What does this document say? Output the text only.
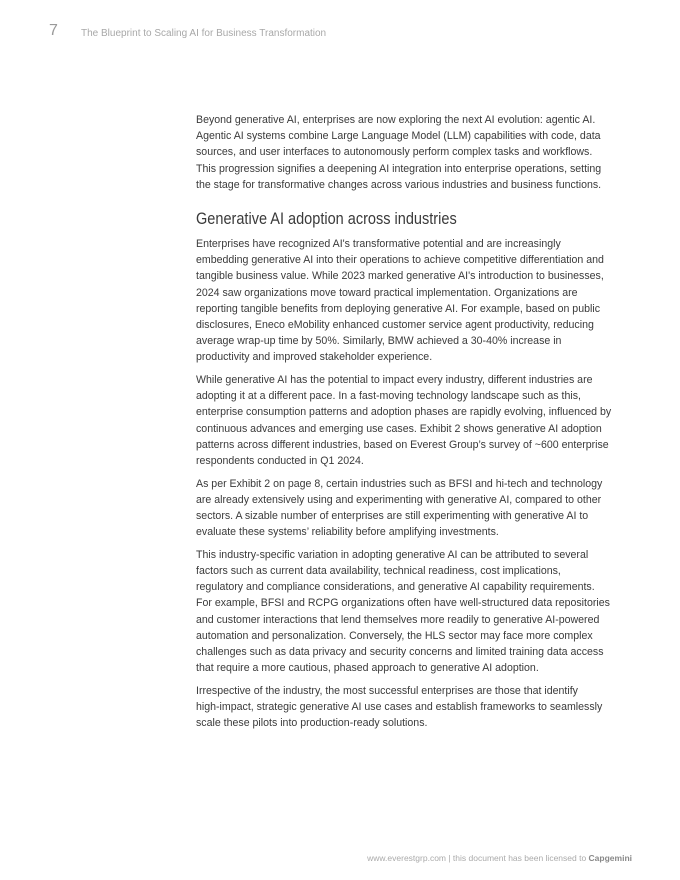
7 The Blueprint to Scaling AI for Business Transformation
Beyond generative AI, enterprises are now exploring the next AI evolution: agentic AI.
Agentic AI systems combine Large Language Model (LLM) capabilities with code, data
sources, and user interfaces to autonomously perform complex tasks and workflows.
This progression signifies a deepening AI integration into enterprise operations, setting
the stage for transformative changes across various industries and business functions.
Generative AI adoption across industries
Enterprises have recognized AI's transformative potential and are increasingly
embedding generative AI into their operations to achieve competitive differentiation and
tangible business value. While 2023 marked generative AI's introduction to businesses,
2024 saw organizations move toward practical implementation. Organizations are
reporting tangible benefits from deploying generative AI. For example, based on public
disclosures, Eneco eMobility enhanced customer service agent productivity, reducing
average wrap-up time by 50%. Similarly, BMW achieved a 30-40% increase in
productivity and improved stakeholder experience.
While generative AI has the potential to impact every industry, different industries are
adopting it at a different pace. In a fast-moving technology landscape such as this,
enterprise consumption patterns and adoption phases are rapidly evolving, influenced by
continuous advances and emerging use cases. Exhibit 2 shows generative AI adoption
patterns across different industries, based on Everest Group’s survey of ~600 enterprise
respondents conducted in Q1 2024.
As per Exhibit 2 on page 8, certain industries such as BFSI and hi-tech and technology
are already extensively using and experimenting with generative AI, compared to other
sectors. A sizable number of enterprises are still experimenting with generative AI to
evaluate these systems’ reliability before amplifying investments.
This industry-specific variation in adopting generative AI can be attributed to several
factors such as current data availability, technical readiness, cost implications,
regulatory and compliance considerations, and generative AI capability requirements.
For example, BFSI and RCPG organizations often have well-structured data repositories
and customer interactions that lend themselves more readily to generative AI-powered
automation and personalization. Conversely, the HLS sector may face more complex
challenges such as data privacy and security concerns and limited training data access
that require a more cautious, phased approach to generative AI adoption.
Irrespective of the industry, the most successful enterprises are those that identify
high-impact, strategic generative AI use cases and establish frameworks to seamlessly
scale these pilots into production-ready solutions.
www.everestgrp.com | this document has been licensed to Capgemini
